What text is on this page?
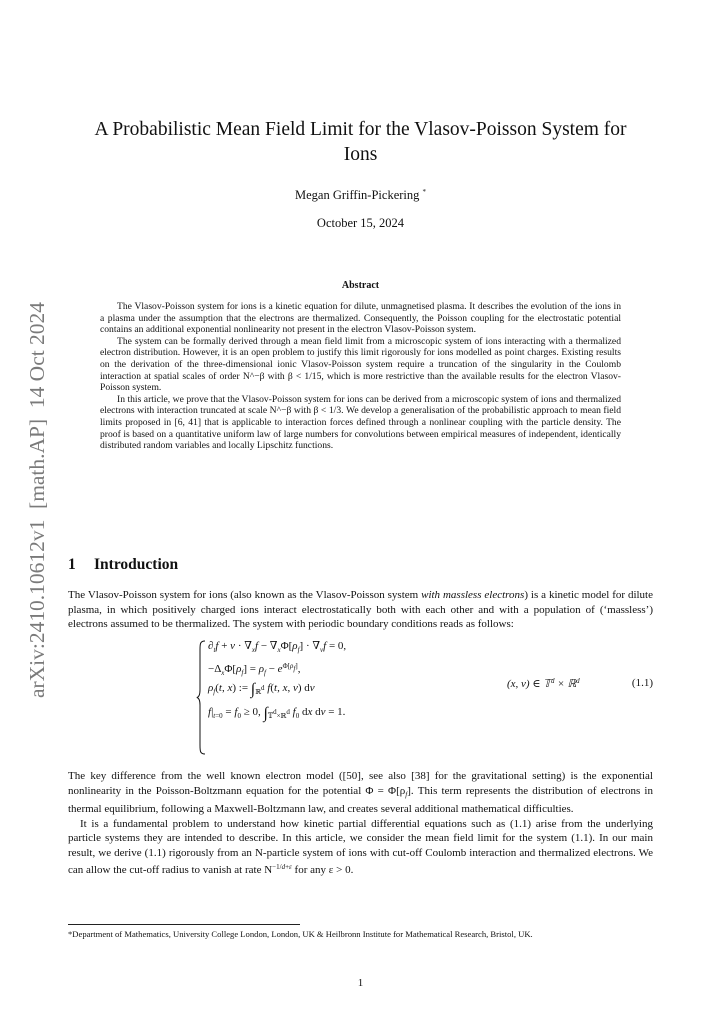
arXiv:2410.10612v1  [math.AP]  14 Oct 2024
A Probabilistic Mean Field Limit for the Vlasov-Poisson System for
Ions
Megan Griffin-Pickering *
October 15, 2024
Abstract

The Vlasov-Poisson system for ions is a kinetic equation for dilute, unmagnetised plasma. It describes the evolution of the ions in a plasma under the assumption that the electrons are thermalized. Consequently, the Poisson coupling for the electrostatic potential contains an additional exponential nonlinearity not present in the electron Vlasov-Poisson system.

The system can be formally derived through a mean field limit from a microscopic system of ions interacting with a thermalized electron distribution. However, it is an open problem to justify this limit rigorously for ions modelled as point charges. Existing results on the derivation of the three-dimensional ionic Vlasov-Poisson system require a truncation of the singularity in the Coulomb interaction at spatial scales of order N^−β with β < 1/15, which is more restrictive than the available results for the electron Vlasov-Poisson system.

In this article, we prove that the Vlasov-Poisson system for ions can be derived from a microscopic system of ions and thermalized electrons with interaction truncated at scale N^−β with β < 1/3. We develop a generalisation of the probabilistic approach to mean field limits proposed in [6, 41] that is applicable to interaction forces defined through a nonlinear coupling with the particle density. The proof is based on a quantitative uniform law of large numbers for convolutions between empirical measures of independent, identically distributed random variables and locally Lipschitz functions.

1 Introduction

The Vlasov-Poisson system for ions (also known as the Vlasov-Poisson system with massless electrons) is a kinetic model for dilute plasma, in which positively charged ions interact electrostatically both with each other and with a population of (‘massless’) electrons assumed to be thermalized. The system with periodic boundary conditions reads as follows:

$\partial_tf + v \cdot \nabla_xf - \nabla_x\Phi[\rho_f] \cdot \nabla_vf = 0$,
$-\Delta_x\Phi[\rho_f] = \rho_f - e^{\Phi[\rho f]}$,
$\rho_f(t$, x) := $\int_{ℝd}$ f(t, x, v) dv
$f|_{t=0} = f_0 \ge 0$, $\int_{𝕋d\times ℝd}$ $f_0$ dx dv = 1.
(x, v) ∈ 𝕋$^d$ × ℝ$^d$	(1.1)

The key difference from the well known electron model ([50], see also [38] for the gravitational setting) is the exponential nonlinearity in the Poisson-Boltzmann equation for the potential $\Phi = \Phi[\rho_f]$. This term represents the distribution of electrons in thermal equilibrium, following a Maxwell-Boltzmann law, and creates several additional mathematical difficulties.

It is a fundamental problem to understand how kinetic partial differential equations such as (1.1) arise from the underlying particle systems they are intended to describe. In this article, we consider the mean field limit for the system (1.1). In our main result, we derive (1.1) rigorously from an N-particle system of ions with cut-off Coulomb interaction and thermalized electrons. We can allow the cut-off radius to vanish at rate $N^{-1/d+\varepsilon}$ for any ε > 0.

*Department of Mathematics, University College London, London, UK & Heilbronn Institute for Mathematical Research, Bristol, UK.
1
